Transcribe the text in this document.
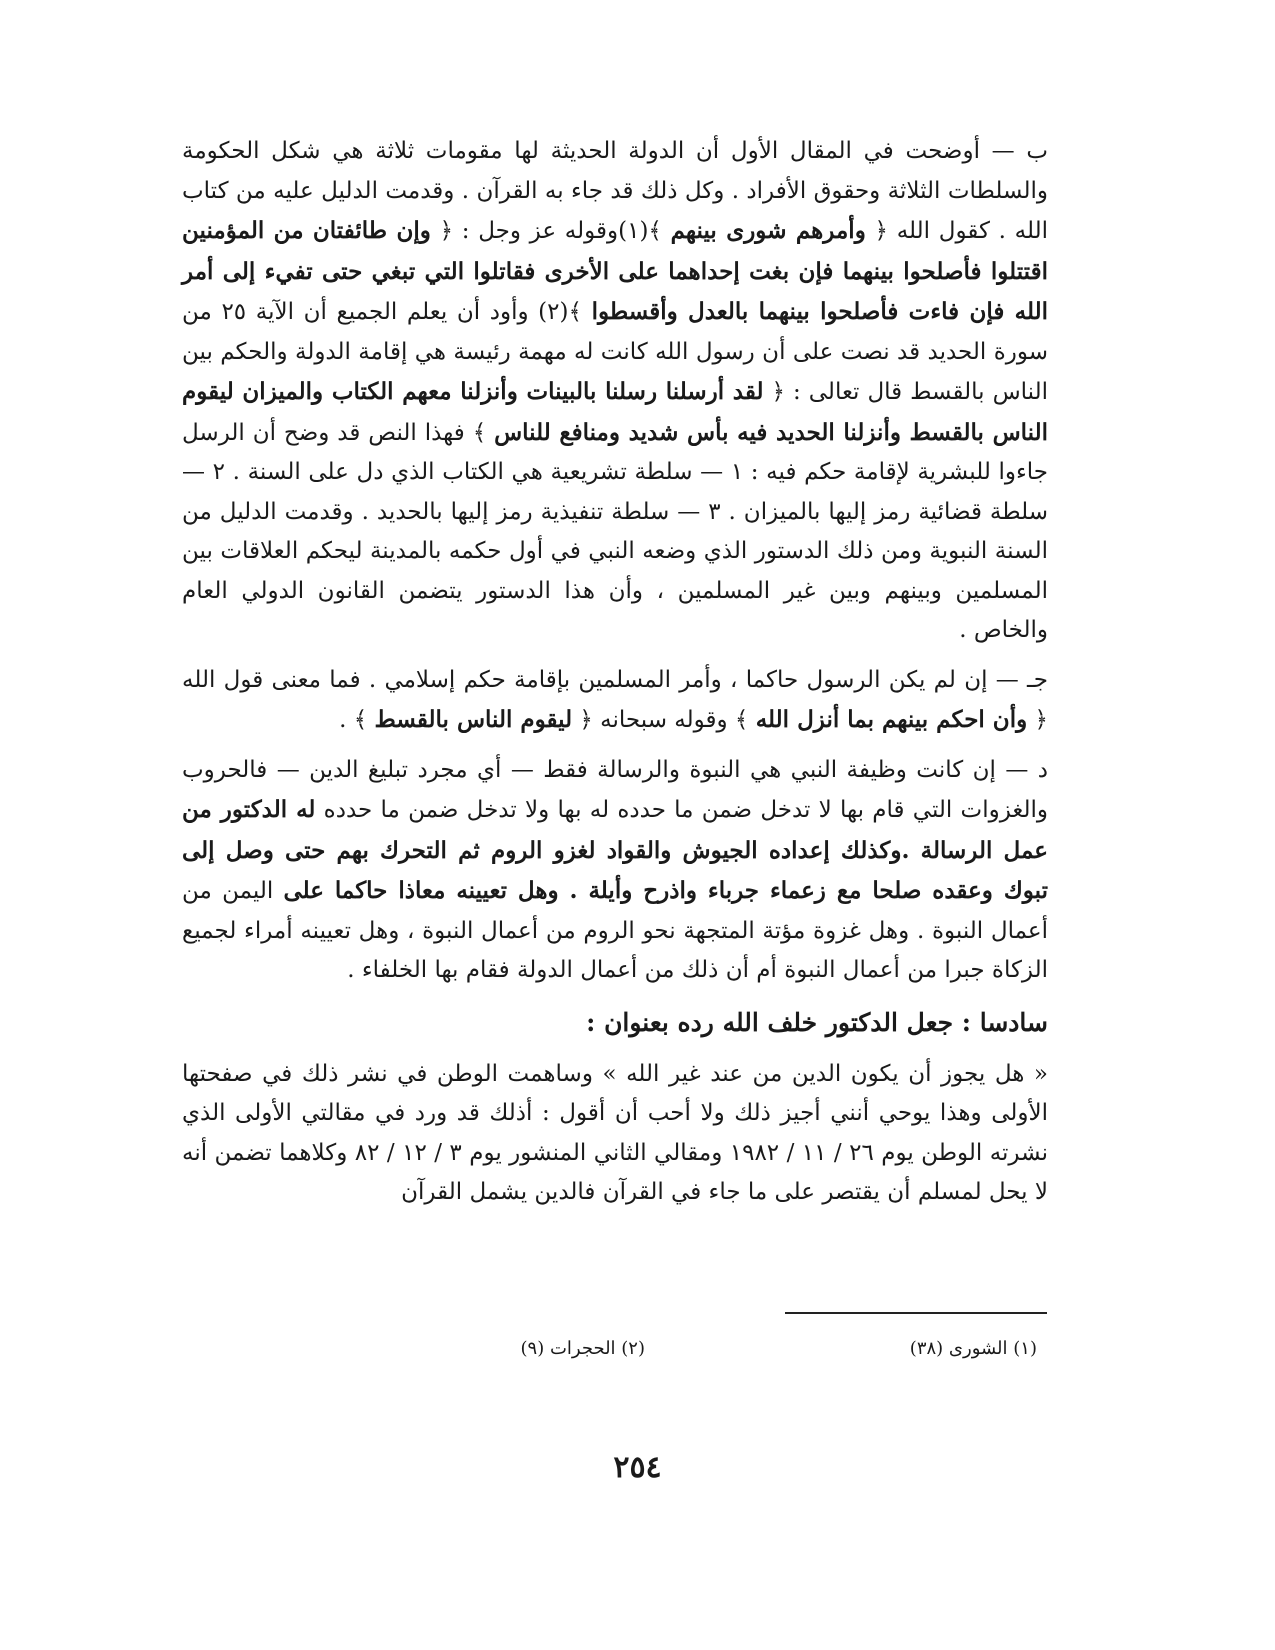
ب — أوضحت في المقال الأول أن الدولة الحديثة لها مقومات ثلاثة هي شكل الحكومة والسلطات الثلاثة وحقوق الأفراد . وكل ذلك قد جاء به القرآن . وقدمت الدليل عليه من كتاب الله . كقول الله ﴿ وأمرهم شورى بينهم ﴾(١)وقوله عز وجل : ﴿ وإن طائفتان من المؤمنين اقتتلوا فأصلحوا بينهما فإن بغت إحداهما على الأخرى فقاتلوا التي تبغي حتى تفيء إلى أمر الله فإن فاءت فأصلحوا بينهما بالعدل وأقسطوا ﴾(٢) وأود أن يعلم الجميع أن الآية ٢٥ من سورة الحديد قد نصت على أن رسول الله كانت له مهمة رئيسة هي إقامة الدولة والحكم بين الناس بالقسط قال تعالى : ﴿ لقد أرسلنا رسلنا بالبينات وأنزلنا معهم الكتاب والميزان ليقوم الناس بالقسط وأنزلنا الحديد فيه بأس شديد ومنافع للناس ﴾ فهذا النص قد وضح أن الرسل جاءوا للبشرية لإقامة حكم فيه : ١ — سلطة تشريعية هي الكتاب الذي دل على السنة . ٢ — سلطة قضائية رمز إليها بالميزان . ٣ — سلطة تنفيذية رمز إليها بالحديد . وقدمت الدليل من السنة النبوية ومن ذلك الدستور الذي وضعه النبي في أول حكمه بالمدينة ليحكم العلاقات بين المسلمين وبينهم وبين غير المسلمين ، وأن هذا الدستور يتضمن القانون الدولي العام والخاص .

جـ — إن لم يكن الرسول حاكما ، وأمر المسلمين بإقامة حكم إسلامي . فما معنى قول الله ﴿ وأن احكم بينهم بما أنزل الله ﴾ وقوله سبحانه ﴿ ليقوم الناس بالقسط ﴾ .

د — إن كانت وظيفة النبي هي النبوة والرسالة فقط — أي مجرد تبليغ الدين — فالحروب والغزوات التي قام بها لا تدخل ضمن ما حدده له بها ولا تدخل ضمن ما حدده له الدكتور من عمل الرسالة .وكذلك إعداده الجيوش والقواد لغزو الروم ثم التحرك بهم حتى وصل إلى تبوك وعقده صلحا مع زعماء جرباء واذرح وأيلة . وهل تعيينه معاذا حاكما على اليمن من أعمال النبوة . وهل غزوة مؤتة المتجهة نحو الروم من أعمال النبوة ، وهل تعيينه أمراء لجميع الزكاة جبرا من أعمال النبوة أم أن ذلك من أعمال الدولة فقام بها الخلفاء .

سادسا : جعل الدكتور خلف الله رده بعنوان :

« هل يجوز أن يكون الدين من عند غير الله » وساهمت الوطن في نشر ذلك في صفحتها الأولى وهذا يوحي أنني أجيز ذلك ولا أحب أن أقول : أذلك قد ورد في مقالتي الأولى الذي نشرته الوطن يوم ٢٦ / ١١ / ١٩٨٢ ومقالي الثاني المنشور يوم ٣ / ١٢ / ٨٢ وكلاهما تضمن أنه لا يحل لمسلم أن يقتصر على ما جاء في القرآن فالدين يشمل القرآن

(١) الشورى (٣٨)
(٢) الحجرات (٩)
٢٥٤
